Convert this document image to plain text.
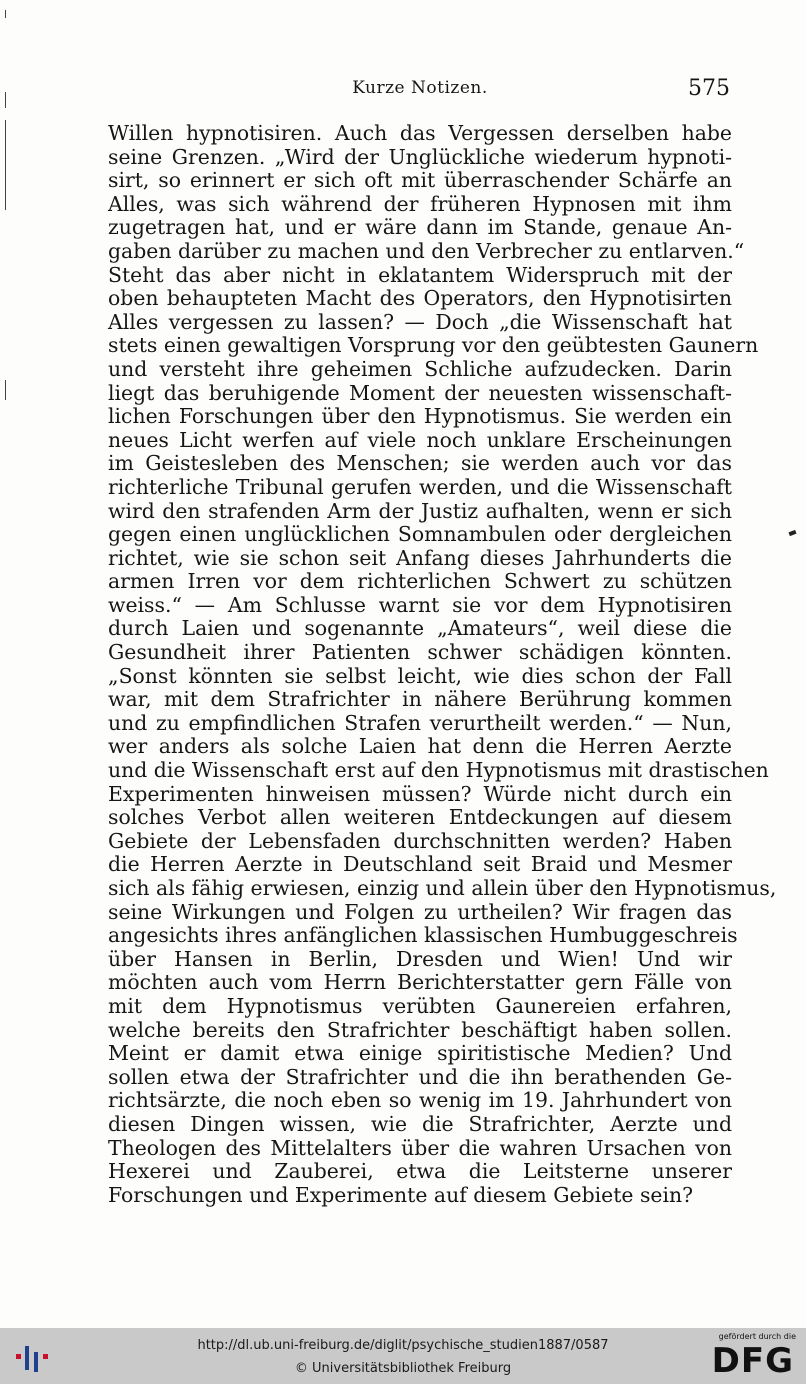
Kurze Notizen.	575
Willen hypnotisiren. Auch das Vergessen derselben habe
seine Grenzen. „Wird der Unglückliche wiederum hypnoti-
sirt, so erinnert er sich oft mit überraschender Schärfe an
Alles, was sich während der früheren Hypnosen mit ihm
zugetragen hat, und er wäre dann im Stande, genaue An-
gaben darüber zu machen und den Verbrecher zu entlarven.“
Steht das aber nicht in eklatantem Widerspruch mit der
oben behaupteten Macht des Operators, den Hypnotisirten
Alles vergessen zu lassen? — Doch „die Wissenschaft hat
stets einen gewaltigen Vorsprung vor den geübtesten Gaunern
und versteht ihre geheimen Schliche aufzudecken. Darin
liegt das beruhigende Moment der neuesten wissenschaft-
lichen Forschungen über den Hypnotismus. Sie werden ein
neues Licht werfen auf viele noch unklare Erscheinungen
im Geistesleben des Menschen; sie werden auch vor das
richterliche Tribunal gerufen werden, und die Wissenschaft
wird den strafenden Arm der Justiz aufhalten, wenn er sich
gegen einen unglücklichen Somnambulen oder dergleichen
richtet, wie sie schon seit Anfang dieses Jahrhunderts die
armen Irren vor dem richterlichen Schwert zu schützen
weiss.“ — Am Schlusse warnt sie vor dem Hypnotisiren
durch Laien und sogenannte „Amateurs“, weil diese die
Gesundheit ihrer Patienten schwer schädigen könnten.
„Sonst könnten sie selbst leicht, wie dies schon der Fall
war, mit dem Strafrichter in nähere Berührung kommen
und zu empfindlichen Strafen verurtheilt werden.“ — Nun,
wer anders als solche Laien hat denn die Herren Aerzte
und die Wissenschaft erst auf den Hypnotismus mit drastischen
Experimenten hinweisen müssen? Würde nicht durch ein
solches Verbot allen weiteren Entdeckungen auf diesem
Gebiete der Lebensfaden durchschnitten werden? Haben
die Herren Aerzte in Deutschland seit Braid und Mesmer
sich als fähig erwiesen, einzig und allein über den Hypnotismus,
seine Wirkungen und Folgen zu urtheilen? Wir fragen das
angesichts ihres anfänglichen klassischen Humbuggeschreis
über Hansen in Berlin, Dresden und Wien! Und wir
möchten auch vom Herrn Berichterstatter gern Fälle von
mit dem Hypnotismus verübten Gaunereien erfahren,
welche bereits den Strafrichter beschäftigt haben sollen.
Meint er damit etwa einige spiritistische Medien? Und
sollen etwa der Strafrichter und die ihn berathenden Ge-
richtsärzte, die noch eben so wenig im 19. Jahrhundert von
diesen Dingen wissen, wie die Strafrichter, Aerzte und
Theologen des Mittelalters über die wahren Ursachen von
Hexerei und Zauberei, etwa die Leitsterne unserer
Forschungen und Experimente auf diesem Gebiete sein?
http://dl.ub.uni-freiburg.de/diglit/psychische_studien1887/0587
© Universitätsbibliothek Freiburg
gefördert durch die
DFG
